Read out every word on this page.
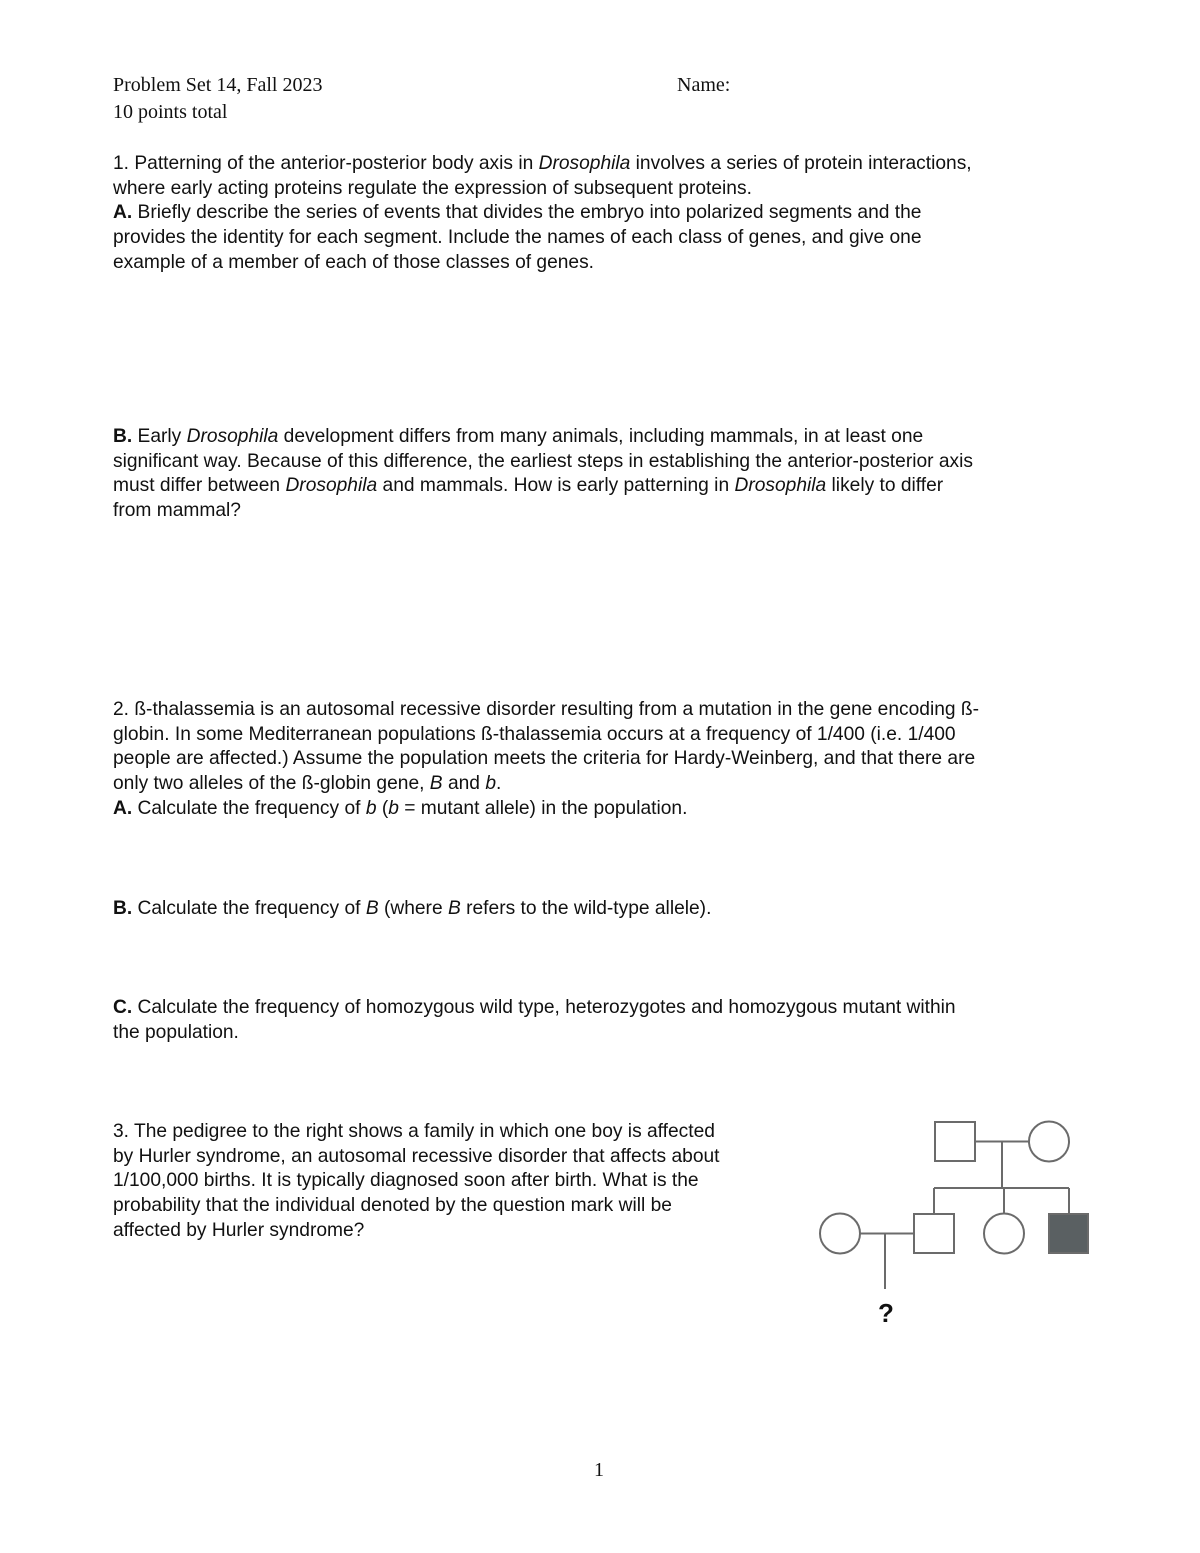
Problem Set 14, Fall 2023	Name:
10 points total
1. Patterning of the anterior-posterior body axis in Drosophila involves a series of protein interactions,
where early acting proteins regulate the expression of subsequent proteins.
A. Briefly describe the series of events that divides the embryo into polarized segments and the
provides the identity for each segment. Include the names of each class of genes, and give one
example of a member of each of those classes of genes.
B. Early Drosophila development differs from many animals, including mammals, in at least one
significant way. Because of this difference, the earliest steps in establishing the anterior-posterior axis
must differ between Drosophila and mammals. How is early patterning in Drosophila likely to differ
from mammal?
2. ß-thalassemia is an autosomal recessive disorder resulting from a mutation in the gene encoding ß-
globin. In some Mediterranean populations ß-thalassemia occurs at a frequency of 1/400 (i.e. 1/400
people are affected.) Assume the population meets the criteria for Hardy-Weinberg, and that there are
only two alleles of the ß-globin gene, B and b.
A. Calculate the frequency of b (b = mutant allele) in the population.
B. Calculate the frequency of B (where B refers to the wild-type allele).
C. Calculate the frequency of homozygous wild type, heterozygotes and homozygous mutant within
the population.
3. The pedigree to the right shows a family in which one boy is affected
by Hurler syndrome, an autosomal recessive disorder that affects about
1/100,000 births. It is typically diagnosed soon after birth. What is the
probability that the individual denoted by the question mark will be
affected by Hurler syndrome?
?
1
